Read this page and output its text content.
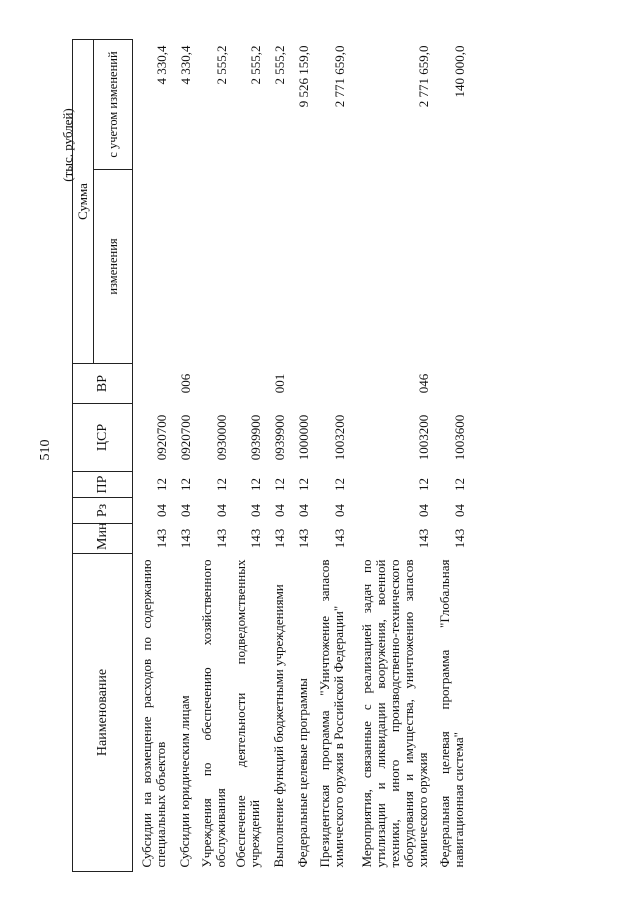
510
(тыс. рублей)
Наименование	Мин	Рз	ПР	ЦСР	ВР	Сумма	
						изменения	с учетом изменений
Субсидии на возмещение расходов по содержанию специальных объектов	143	04	12	0920700			4 330,4
Субсидии юридическим лицам	143	04	12	0920700	006		4 330,4
Учреждения по обеспечению хозяйственного обслуживания	143	04	12	0930000			2 555,2
Обеспечение деятельности подведомственных учреждений	143	04	12	0939900			2 555,2
Выполнение функций бюджетными учреждениями	143	04	12	0939900	001		2 555,2
Федеральные целевые программы	143	04	12	1000000			9 526 159,0
Президентская программа "Уничтожение запасов химического оружия в Российской Федерации"	143	04	12	1003200			2 771 659,0
Мероприятия, связанные с реализацией задач по утилизации и ликвидации вооружения, военной техники, иного производственно-технического оборудования и имущества, уничтожению запасов химического оружия	143	04	12	1003200	046		2 771 659,0
Федеральная целевая программа "Глобальная навигационная система"	143	04	12	1003600			140 000,0
